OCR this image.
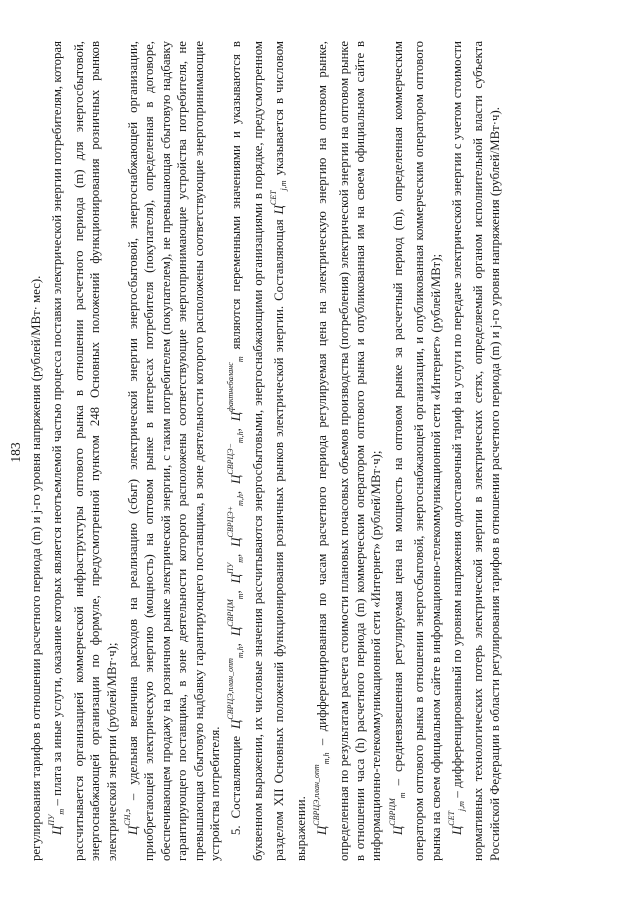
183 регулирования тарифов в отношении расчетного периода (m) и j-го уровня напряжения (рублей/МВт· мес). $Ц^{ПУ}_m$ – плата за иные услуги, оказание которых является неотъемлемой частью процесса поставки электрической энергии потребителям, которая рассчитывается организацией коммерческой инфраструктуры оптового рынка в отношении расчетного периода (m) для энергосбытовой, энергоснабжающей организации по формуле, предусмотренной пунктом 248 Основных положений функционирования розничных рынков электрической энергии (рублей/МВт·ч); $Ц^{СН,э}$ – удельная величина расходов на реализацию (сбыт) электрической энергии энергосбытовой, энергоснабжающей организации, приобретающей электрическую энергию (мощность) на оптовом рынке в интересах потребителя (покупателя), определенная в договоре, обеспечивающем продажу на розничном рынке электрической энергии, с таким потребителем (покупателем), не превышающая сбытовую надбавку гарантирующего поставщика, в зоне деятельности которого расположены соответствующие энергопринимающие устройства потребителя, не превышающая сбытовую надбавку гарантирующего поставщика, в зоне деятельности которого расположены соответствующие энергопринимающие устройства потребителя. 5. Составляющие $Ц^{СВРЦЭ,план\_опт}_{m,h}$, $Ц^{СВРЦМ}_m$, $Ц^{ПУ}_m$, $Ц^{СВРЦЭ+}_{m,h}$, $Ц^{СВРЦЭ-}_{m,h}$, $Ц^{фактнебаланс}_m$ являются переменными значениями и указываются в буквенном выражении, их числовые значения рассчитываются энергосбытовыми, энергоснабжающими организациями в порядке, предусмотренном разделом XII Основных положений функционирования розничных рынков электрической энергии. Составляющая $Ц^{СЕТ}_{j,m}$ указывается в числовом выражении. $Ц^{СВРЦЭ,план\_опт}_{m,h}$ – дифференцированная по часам расчетного периода регулируемая цена на электрическую энергию на оптовом рынке, определенная по результатам расчета стоимости плановых почасовых объемов производства (потребления) электрической энергии на оптовом рынке в отношении часа (h) расчетного периода (m) коммерческим оператором оптового рынка и опубликованная им на своем официальном сайте в информационно-телекоммуникационной сети «Интернет» (рублей/МВт·ч); $Ц^{СВРЦМ}_m$ – средневзвешенная регулируемая цена на мощность на оптовом рынке за расчетный период (m), определенная коммерческим оператором оптового рынка в отношении энергосбытовой, энергоснабжающей организации, и опубликованная коммерческим оператором оптового рынка на своем официальном сайте в информационно-телекоммуникационной сети «Интернет» (рублей/МВт); $Ц^{СЕТ}_{j,m}$ – дифференцированный по уровням напряжения одноставочный тариф на услуги по передаче электрической энергии с учетом стоимости нормативных технологических потерь электрической энергии в электрических сетях, определяемый органом исполнительной власти субъекта Российской Федерации в области регулирования тарифов в отношении расчетного периода (m) и j-го уровня напряжения (рублей/МВт·ч).
